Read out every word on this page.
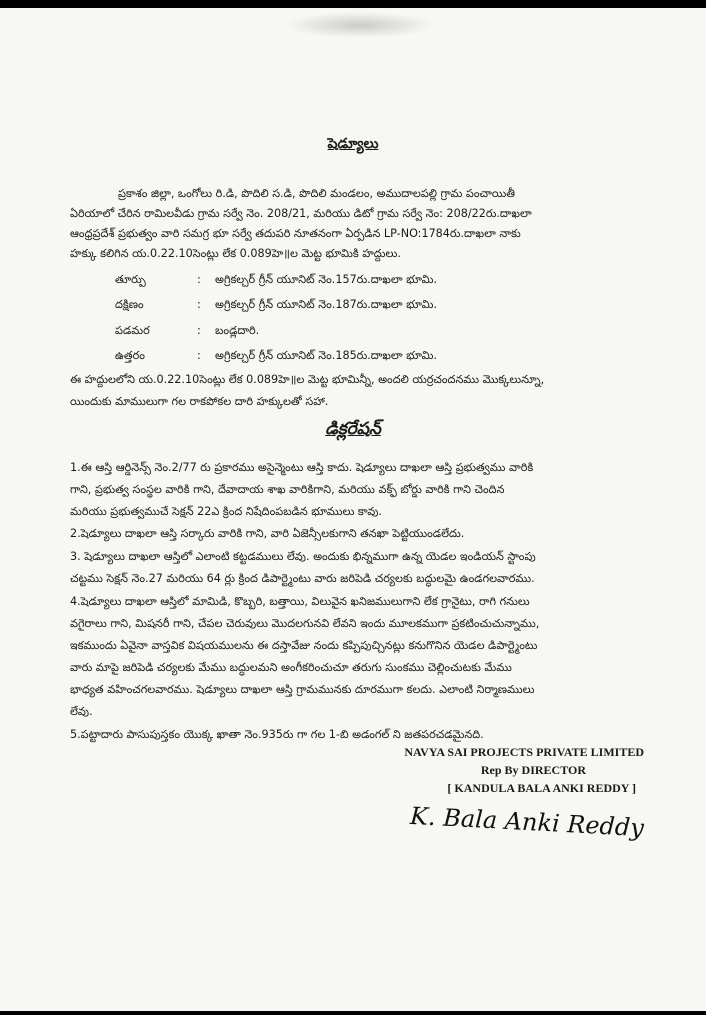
షెడ్యూలు
ప్రకాశం జిల్లా, ఒంగోలు రి.డి, పొదిలి స.డి, పొదిలి మండలం, అముదాలపల్లి గ్రామ పంచాయితీ
ఏరియాలో చేరిన రామిలవీడు గ్రామ సర్వే నెం. 208/21, మరియు డిటో గ్రామ సర్వే నెం: 208/22రు.దాఖలా
ఆంధ్రప్రదేశ్ ప్రభుత్వం వారి సమగ్ర భూ సర్వే తదుపరి నూతనంగా ఏర్పడిన LP-NO:1784రు.దాఖలా నాకు
హక్కు కలిగిన య.0.22.10సెంట్లు లేక 0.089హె॥ల మెట్ట భూమికి హద్దులు.
తూర్పు	: అగ్రికల్చర్ గ్రీన్ యూనిట్ నెం.157రు.దాఖలా భూమి.
దక్షిణం	: అగ్రికల్చర్ గ్రీన్ యూనిట్ నెం.187రు.దాఖలా భూమి.
పడమర	: బండ్లదారి.
ఉత్తరం	: అగ్రికల్చర్ గ్రీన్ యూనిట్ నెం.185రు.దాఖలా భూమి.
ఈ హద్దులలోని య.0.22.10సెంట్లు లేక 0.089హె॥ల మెట్ట భూమిన్నీ, అందలి యర్రచందనము మొక్కలున్నూ,
యిందుకు మాములుగా గల రాకపోకల దారి హక్కులతో సహా.
డిక్లరేషన్
1.ఈ ఆస్తి ఆర్డినెన్స్ నెం.2/77 రు ప్రకారము అసైన్మెంటు ఆస్తి కాదు. షెడ్యూలు దాఖలా ఆస్తి ప్రభుత్వము వారికి
గాని, ప్రభుత్వ సంస్థల వారికి గాని, దేవాదాయ శాఖ వారికిగాని, మరియు వక్ఫ్ బోర్డు వారికి గాని చెందిన
మరియు ప్రభుత్వముచే సెక్షన్ 22ఎ క్రింద నిషేదింపబడిన భూములు కావు.
2.షెడ్యూలు దాఖలా ఆస్తి సర్కారు వారికి గాని, వారి ఏజెన్సీలకుగాని తనఖా పెట్టియుండలేదు.
3. షెడ్యూలు దాఖలా ఆస్తిలో ఎలాంటి కట్టడములు లేవు. అందుకు భిన్నముగా ఉన్న యెడల ఇండియన్ స్టాంపు
చట్టము సెక్షన్ నెం.27 మరియు 64 ర్లు క్రింద డిపార్ట్మెంటు వారు జరిపెడి చర్యలకు బద్ధులమై ఉండగలవారము.
4.షెడ్యూలు దాఖలా ఆస్తిలో మామిడి, కొబ్బరి, బత్తాయి, విలువైన ఖనిజములుగాని లేక గ్రానైటు, రాగి గనులు
వగైరాలు గాని, మిషనరీ గాని, చేపల చెరువులు మొదలగునవి లేవని ఇందు మూలకముగా ప్రకటించుచున్నాము,
ఇకముందు ఏవైనా వాస్తవిక విషయములను ఈ దస్తావేజు నందు కప్పిపుచ్చినట్లు కనుగొనిన యెడల డిపార్ట్మెంటు
వారు మాపై జరిపెడి చర్యలకు మేము బద్ధులమని అంగీకరించుచూ తరుగు సుంకము చెల్లించుటకు మేము
భాధ్యత వహించగలవారము. షెడ్యూలు దాఖలా ఆస్తి గ్రామమునకు దూరముగా కలదు. ఎలాంటి నిర్మాణములు
లేవు.
5.పట్టాదారు పాసుపుస్తకం యొక్క ఖాతా నెం.935రు గా గల 1-బి అడంగల్ ని జతపరచడమైనది.
NAVYA SAI PROJECTS PRIVATE LIMITED
Rep By DIRECTOR
[ KANDULA BALA ANKI REDDY ]
K. Bala Anki Reddy
